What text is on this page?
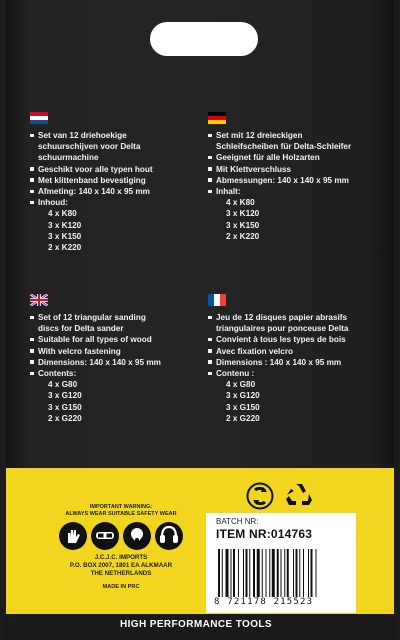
Set van 12 driehoekige
schuurschijven voor Delta
schuurmachine
Geschikt voor alle typen hout
Met klittenband bevestiging
Afmeting: 140 x 140 x 95 mm
Inhoud:
4 x K80
3 x K120
3 x K150
2 x K220
Set mit 12 dreieckigen
Schleifscheiben für Delta-Schleifer
Geeignet für alle Holzarten
Mit Klettverschluss
Abmessungen: 140 x 140 x 95 mm
Inhalt:
4 x K80
3 x K120
3 x K150
2 x K220
Set of 12 triangular sanding
discs for Delta sander
Suitable for all types of wood
With velcro fastening
Dimensions: 140 x 140 x 95 mm
Contents:
4 x G80
3 x G120
3 x G150
2 x G220
Jeu de 12 disques papier abrasifs
triangulaires pour ponceuse Delta
Convient à tous les types de bois
Avec fixation velcro
Dimensions : 140 x 140 x 95 mm
Contenu :
4 x G80
3 x G120
3 x G150
2 x G220
IMPORTANT WARNING:
ALWAYS WEAR SUITABLE SAFETY WEAR
J.C.J.C. IMPORTS
P.O. BOX 2007, 1801 EA ALKMAAR
THE NETHERLANDS
MADE IN PRC
BATCH NR:
ITEM NR:014763
8 721178 215523
HIGH PERFORMANCE TOOLS
